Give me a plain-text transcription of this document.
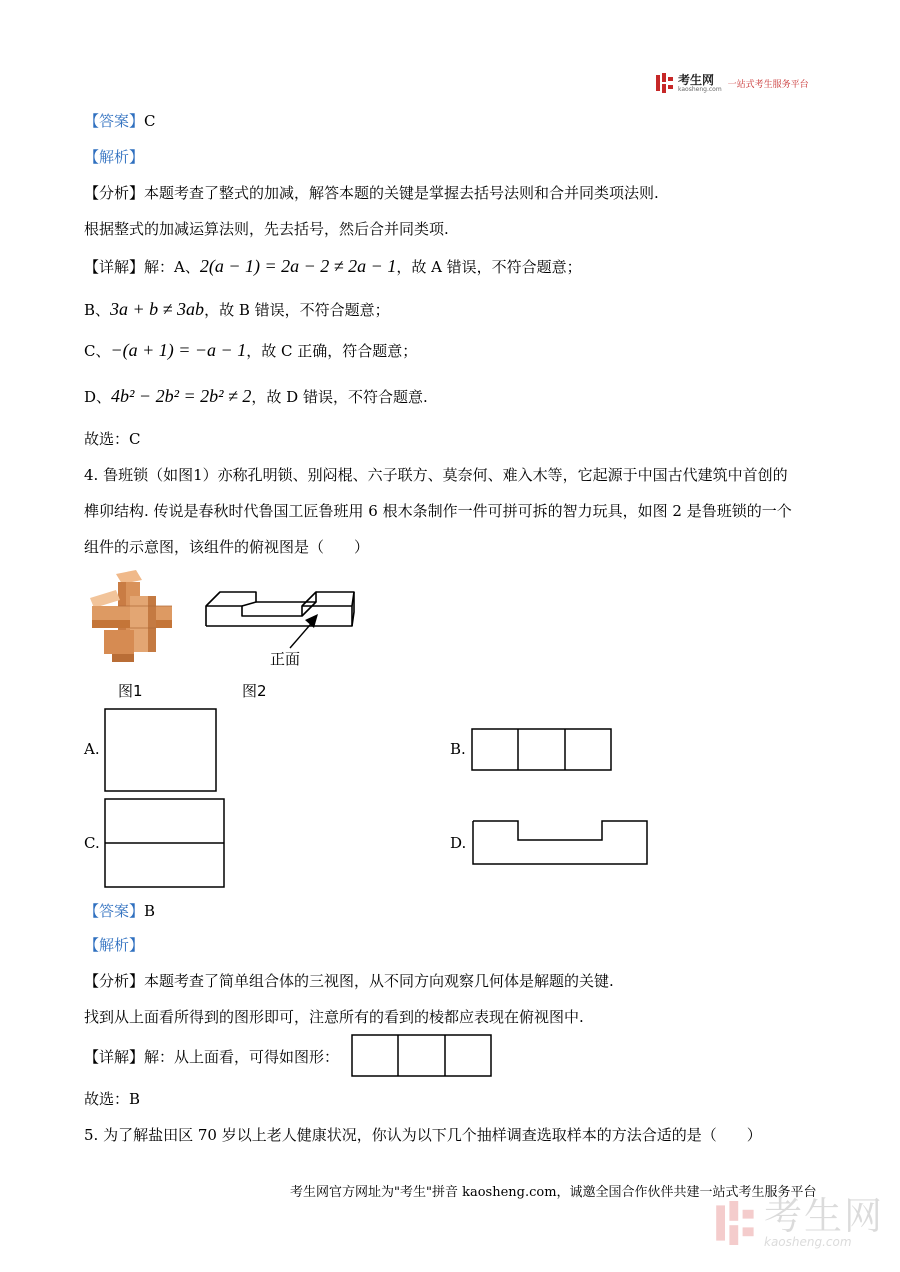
考生网
kaosheng.com 一站式考生服务平台
【答案】C
【解析】
【分析】本题考查了整式的加减，解答本题的关键是掌握去括号法则和合并同类项法则.
根据整式的加减运算法则，先去括号，然后合并同类项.
【详解】解：A、2(a − 1) = 2a − 2 ≠ 2a − 1，故 A 错误，不符合题意；
B、3a + b ≠ 3ab，故 B 错误，不符合题意；
C、−(a + 1) = −a − 1，故 C 正确，符合题意；
D、4b² − 2b² = 2b² ≠ 2，故 D 错误，不符合题意.
故选：C
4. 鲁班锁（如图1）亦称孔明锁、别闷棍、六子联方、莫奈何、难入木等，它起源于中国古代建筑中首创的
榫卯结构. 传说是春秋时代鲁国工匠鲁班用 6 根木条制作一件可拼可拆的智力玩具，如图 2 是鲁班锁的一个
组件的示意图，该组件的俯视图是（　　）
正面
图1	图2
A.	B.
C.	D.
【答案】B
【解析】
【分析】本题考查了简单组合体的三视图，从不同方向观察几何体是解题的关键.
找到从上面看所得到的图形即可，注意所有的看到的棱都应表现在俯视图中.
【详解】解：从上面看，可得如图形：
故选：B
5. 为了解盐田区 70 岁以上老人健康状况，你认为以下几个抽样调查选取样本的方法合适的是（　　）
考生网官方网址为"考生"拼音 kaosheng.com，诚邀全国合作伙伴共建一站式考生服务平台
考生网
kaosheng.com
